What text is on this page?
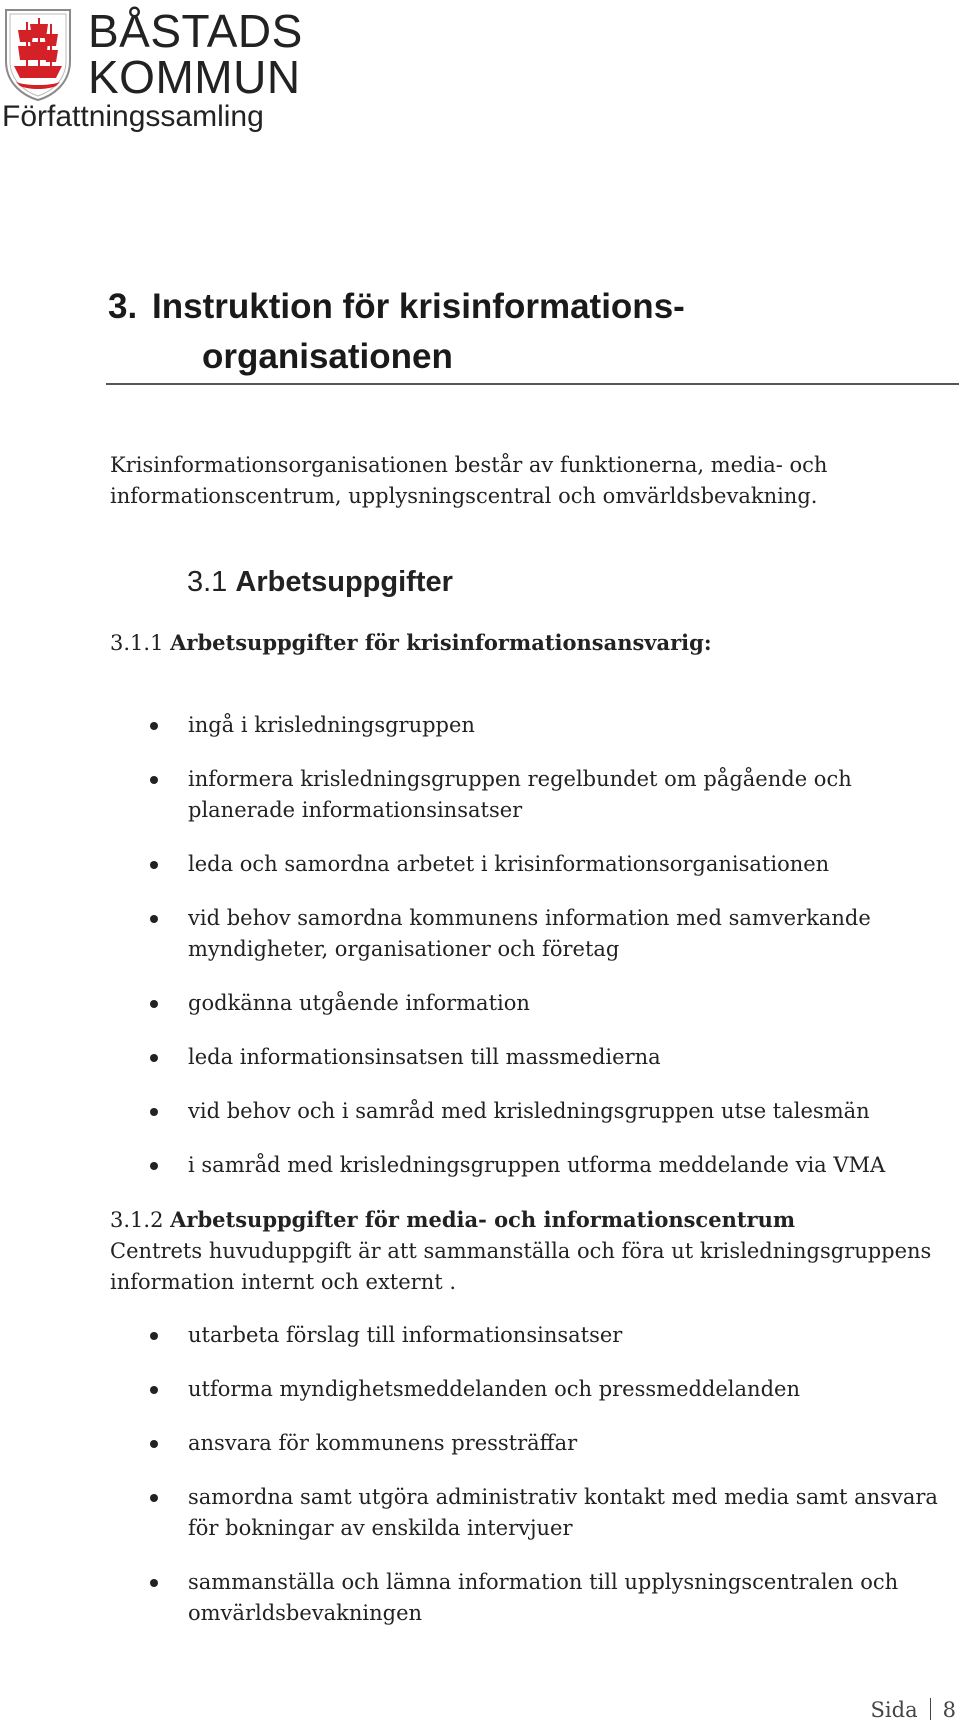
BÅSTADS
KOMMUN
Författningssamling
3. Instruktion för krisinformations-
organisationen

Krisinformationsorganisationen består av funktionerna, media- och informationscentrum, upplysningscentral och omvärldsbevakning.

3.1 Arbetsuppgifter
3.1.1 Arbetsuppgifter för krisinformationsansvarig:
ingå i krisledningsgruppen
informera krisledningsgruppen regelbundet om pågående och planerade informationsinsatser
leda och samordna arbetet i krisinformationsorganisationen
vid behov samordna kommunens information med samverkande myndigheter, organisationer och företag
godkänna utgående information
leda informationsinsatsen till massmedierna
vid behov och i samråd med krisledningsgruppen utse talesmän
i samråd med krisledningsgruppen utforma meddelande via VMA
3.1.2 Arbetsuppgifter för media- och informationscentrum

Centrets huvuduppgift är att sammanställa och föra ut krisledningsgruppens information internt och externt .

utarbeta förslag till informationsinsatser
utforma myndighetsmeddelanden och pressmeddelanden
ansvara för kommunens pressträffar
samordna samt utgöra administrativ kontakt med media samt ansvara för bokningar av enskilda intervjuer
sammanställa och lämna information till upplysningscentralen och omvärldsbevakningen
Sida 8
